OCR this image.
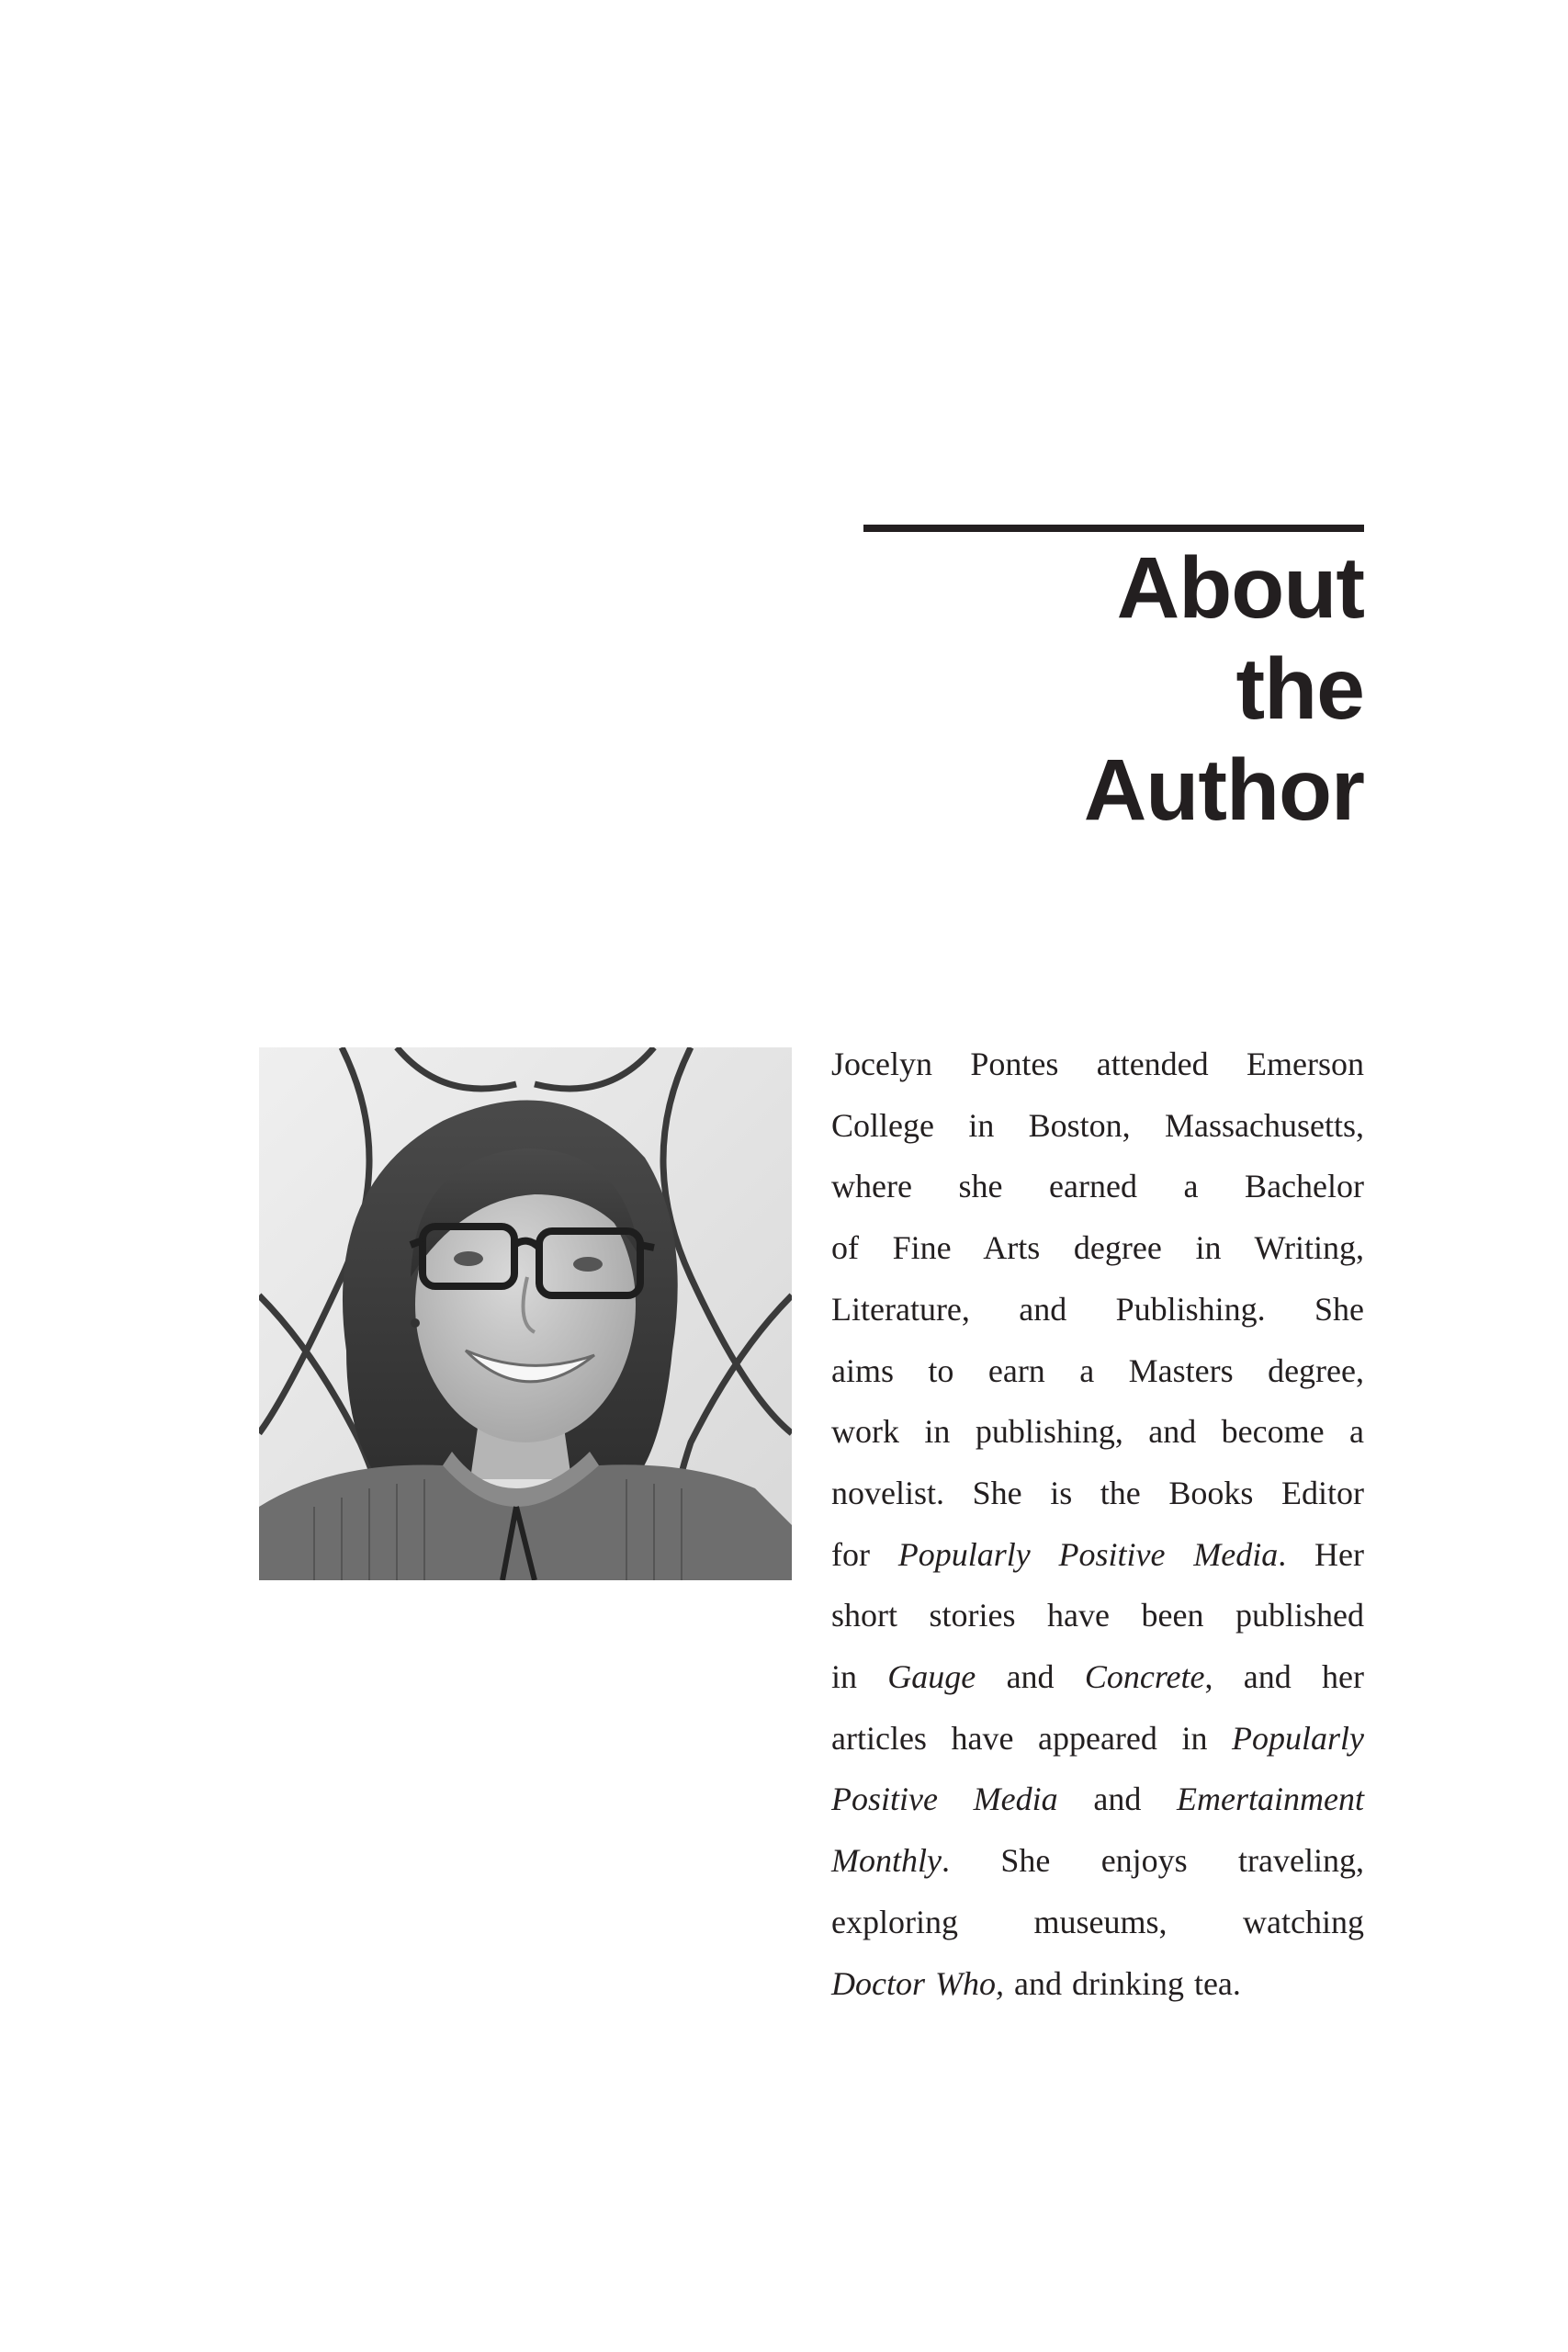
About
the
Author
Jocelyn Pontes attended Emerson
College in Boston, Massachusetts,
where she earned a Bachelor
of Fine Arts degree in Writing,
Literature, and Publishing. She
aims to earn a Masters degree,
work in publishing, and become a
novelist. She is the Books Editor
for Popularly Positive Media. Her
short stories have been published
in Gauge and Concrete, and her
articles have appeared in Popularly
Positive Media and Emertainment
Monthly. She enjoys traveling,
exploring museums, watching
Doctor Who, and drinking tea.
